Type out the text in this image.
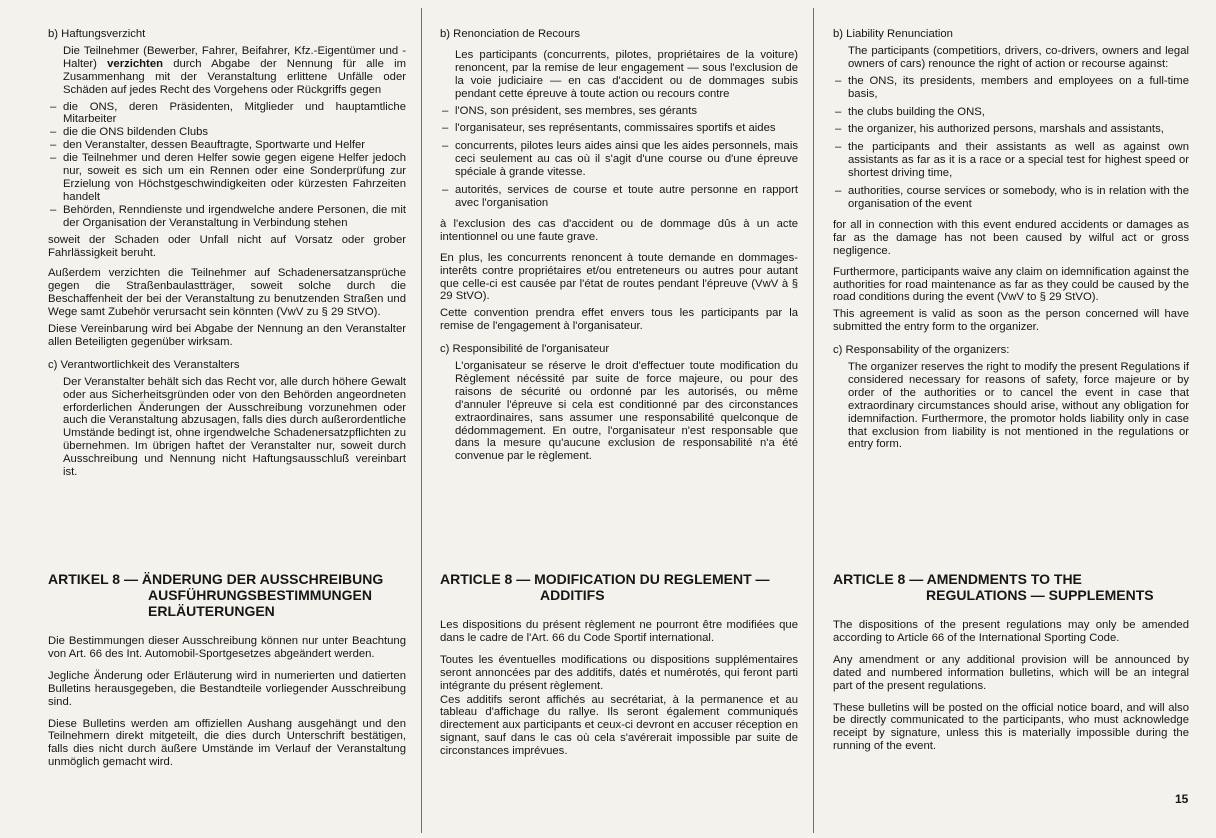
b) Haftungsverzicht
Die Teilnehmer (Bewerber, Fahrer, Beifahrer, Kfz.-Eigentümer und -Halter) verzichten durch Abgabe der Nennung für alle im Zusammenhang mit der Veranstaltung erlittene Unfälle oder Schäden auf jedes Recht des Vorgehens oder Rückgriffs gegen
– die ONS, deren Präsidenten, Mitglieder und hauptamtliche Mitarbeiter
– die die ONS bildenden Clubs
– den Veranstalter, dessen Beauftragte, Sportwarte und Helfer
– die Teilnehmer und deren Helfer sowie gegen eigene Helfer jedoch nur, soweit es sich um ein Rennen oder eine Sonderprüfung zur Erzielung von Höchstgeschwindigkeiten oder kürzesten Fahrzeiten handelt
– Behörden, Renndienste und irgendwelche andere Personen, die mit der Organisation der Veranstaltung in Verbindung stehen
soweit der Schaden oder Unfall nicht auf Vorsatz oder grober Fahrlässigkeit beruht.
Außerdem verzichten die Teilnehmer auf Schadenersatzansprüche gegen die Straßenbaulastträger, soweit solche durch die Beschaffenheit der bei der Veranstaltung zu benutzenden Straßen und Wege samt Zubehör verursacht sein könnten (VwV zu § 29 StVO).
Diese Vereinbarung wird bei Abgabe der Nennung an den Veranstalter allen Beteiligten gegenüber wirksam.
c) Verantwortlichkeit des Veranstalters
Der Veranstalter behält sich das Recht vor, alle durch höhere Gewalt oder aus Sicherheitsgründen oder von den Behörden angeordneten erforderlichen Änderungen der Ausschreibung vorzunehmen oder auch die Veranstaltung abzusagen, falls dies durch außerordentliche Umstände bedingt ist, ohne irgendwelche Schadenersatzpflichten zu übernehmen. Im übrigen haftet der Veranstalter nur, soweit durch Ausschreibung und Nennung nicht Haftungsausschluß vereinbart ist.
ARTIKEL 8 — ÄNDERUNG DER AUSSCHREIBUNG
AUSFÜHRUNGSBESTIMMUNGEN
ERLÄUTERUNGEN
Die Bestimmungen dieser Ausschreibung können nur unter Beachtung von Art. 66 des Int. Automobil-Sportgesetzes abgeändert werden.
Jegliche Änderung oder Erläuterung wird in numerierten und datierten Bulletins herausgegeben, die Bestandteile vorliegender Ausschreibung sind.
Diese Bulletins werden am offiziellen Aushang ausgehängt und den Teilnehmern direkt mitgeteilt, die dies durch Unterschrift bestätigen, falls dies nicht durch äußere Umstände im Verlauf der Veranstaltung unmöglich gemacht wird.
b) Renonciation de Recours
Les participants (concurrents, pilotes, propriétaires de la voiture) renoncent, par la remise de leur engagement — sous l'exclusion de la voie judiciaire — en cas d'accident ou de dommages subis pendant cette épreuve à toute action ou recours contre
– l'ONS, son président, ses membres, ses gérants
– l'organisateur, ses représentants, commissaires sportifs et aides
– concurrents, pilotes leurs aides ainsi que les aides personnels, mais ceci seulement au cas où il s'agit d'une course ou d'une épreuve spéciale à grande vitesse.
– autorités, services de course et toute autre personne en rapport avec l'organisation
à l'exclusion des cas d'accident ou de dommage dûs à un acte intentionnel ou une faute grave.
En plus, les concurrents renoncent à toute demande en dommages-interêts contre propriétaires et/ou entreteneurs ou autres pour autant que celle-ci est causée par l'état de routes pendant l'épreuve (VwV à § 29 StVO).
Cette convention prendra effet envers tous les participants par la remise de l'engagement à l'organisateur.
c) Responsibilité de l'organisateur
L'organisateur se réserve le droit d'effectuer toute modification du Règlement nécéssité par suite de force majeure, ou pour des raisons de sécurité ou ordonné par les autorisés, ou même d'annuler l'épreuve si cela est conditionné par des circonstances extraordinaires, sans assumer une responsabilité quelconque de dédommagement. En outre, l'organisateur n'est responsable que dans la mesure qu'aucune exclusion de responsabilité n'a été convenue par le règlement.
ARTICLE 8 — MODIFICATION DU REGLEMENT —
ADDITIFS
Les dispositions du présent règlement ne pourront être modifiées que dans le cadre de l'Art. 66 du Code Sportif international.
Toutes les éventuelles modifications ou dispositions supplémentaires seront annoncées par des additifs, datés et numérotés, qui feront parti intégrante du présent règlement.
Ces additifs seront affichés au secrétariat, à la permanence et au tableau d'affichage du rallye. Ils seront également communiqués directement aux participants et ceux-ci devront en accuser réception en signant, sauf dans le cas où cela s'avérerait impossible par suite de circonstances imprévues.
b) Liability Renunciation
The participants (competitiors, drivers, co-drivers, owners and legal owners of cars) renounce the right of action or recourse against:
– the ONS, its presidents, members and employees on a full-time basis,
– the clubs building the ONS,
– the organizer, his authorized persons, marshals and assistants,
– the participants and their assistants as well as against own assistants as far as it is a race or a special test for highest speed or shortest driving time,
– authorities, course services or somebody, who is in relation with the organisation of the event
for all in connection with this event endured accidents or damages as far as the damage has not been caused by wilful act or gross negligence.
Furthermore, participants waive any claim on idemnification against the authorities for road maintenance as far as they could be caused by the road conditions during the event (VwV to § 29 StVO).
This agreement is valid as soon as the person concerned will have submitted the entry form to the organizer.
c) Responsability of the organizers:
The organizer reserves the right to modify the present Regulations if considered necessary for reasons of safety, force majeure or by order of the authorities or to cancel the event in case that extraordinary circumstances should arise, without any obligation for idemnifaction. Furthermore, the promotor holds liability only in case that exclusion from liability is not mentioned in the regulations or entry form.
ARTICLE 8 — AMENDMENTS TO THE
REGULATIONS — SUPPLEMENTS
The dispositions of the present regulations may only be amended according to Article 66 of the International Sporting Code.
Any amendment or any additional provision will be announced by dated and numbered information bulletins, which will be an integral part of the present regulations.
These bulletins will be posted on the official notice board, and will also be directly communicated to the participants, who must acknowledge receipt by signature, unless this is materially impossible during the running of the event.
15
